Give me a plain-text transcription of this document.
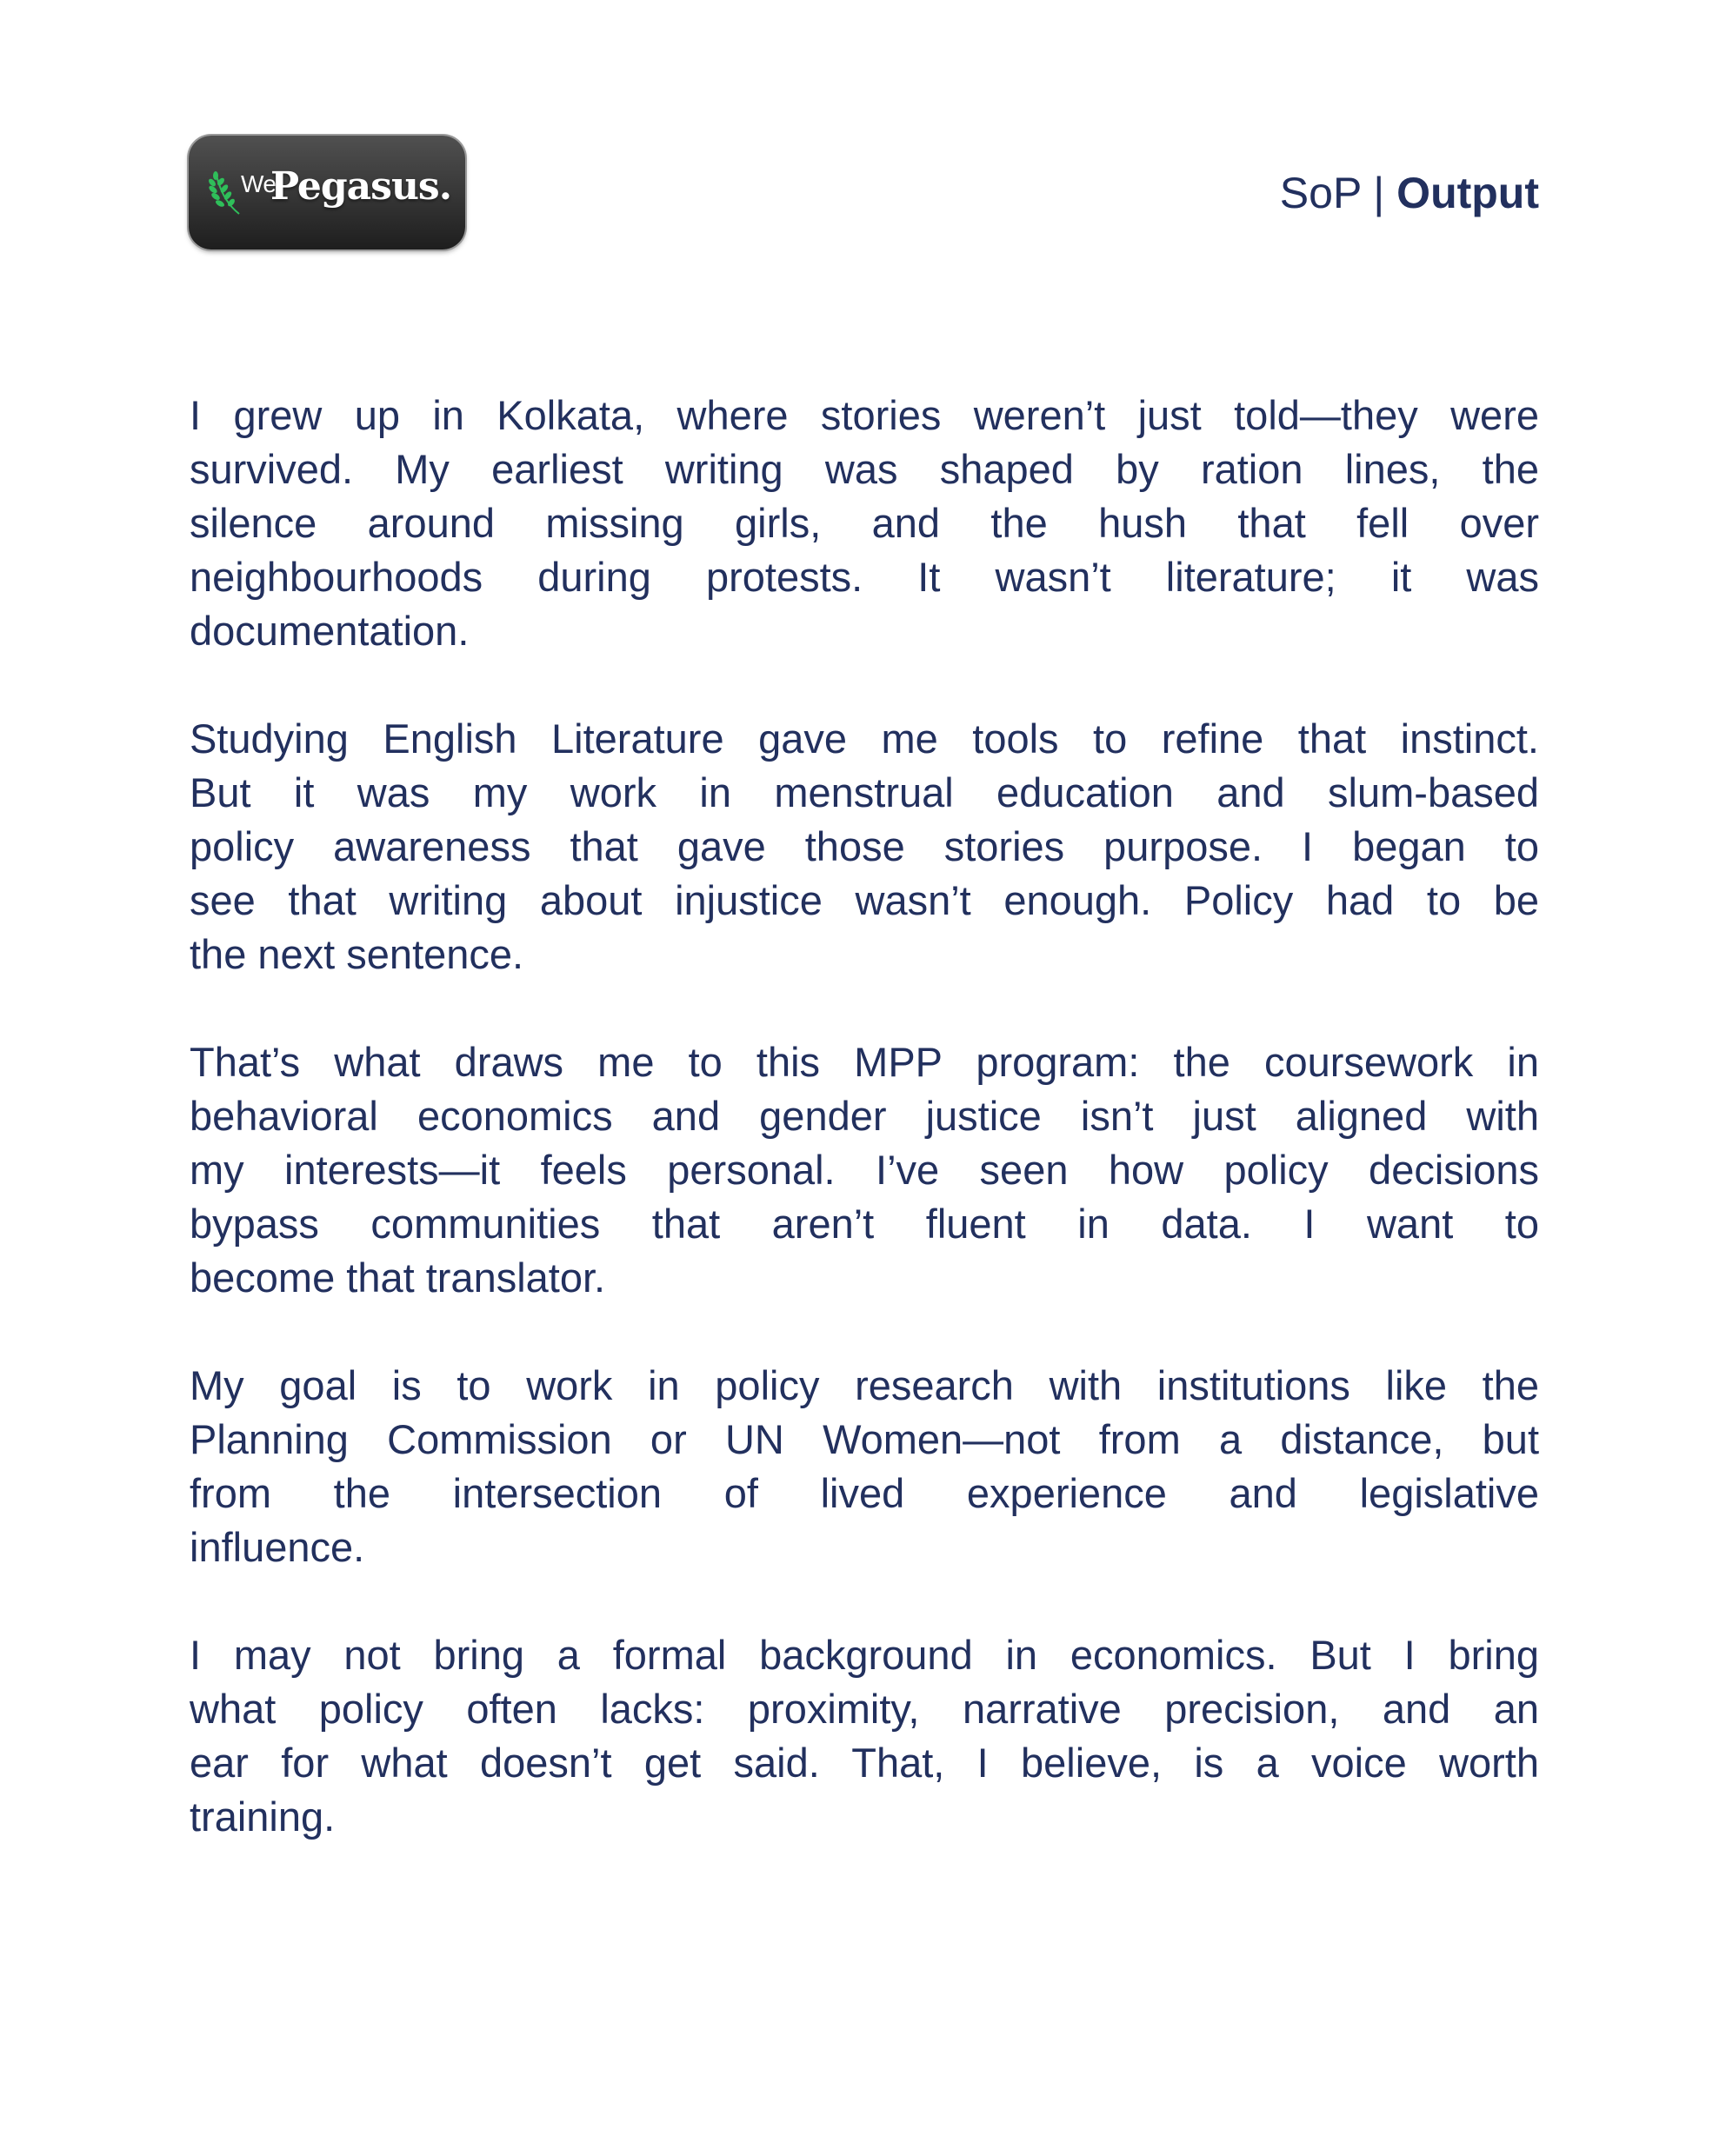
We
Pegasus.	SoP | Output
I grew up in Kolkata, where stories weren’t just told—they were
survived. My earliest writing was shaped by ration lines, the
silence around missing girls, and the hush that fell over
neighbourhoods during protests. It wasn’t literature; it was
documentation.
Studying English Literature gave me tools to refine that instinct.
But it was my work in menstrual education and slum-based
policy awareness that gave those stories purpose. I began to
see that writing about injustice wasn’t enough. Policy had to be
the next sentence.
That’s what draws me to this MPP program: the coursework in
behavioral economics and gender justice isn’t just aligned with
my interests—it feels personal. I’ve seen how policy decisions
bypass communities that aren’t fluent in data. I want to
become that translator.
My goal is to work in policy research with institutions like the
Planning Commission or UN Women—not from a distance, but
from the intersection of lived experience and legislative
influence.
I may not bring a formal background in economics. But I bring
what policy often lacks: proximity, narrative precision, and an
ear for what doesn’t get said. That, I believe, is a voice worth
training.
